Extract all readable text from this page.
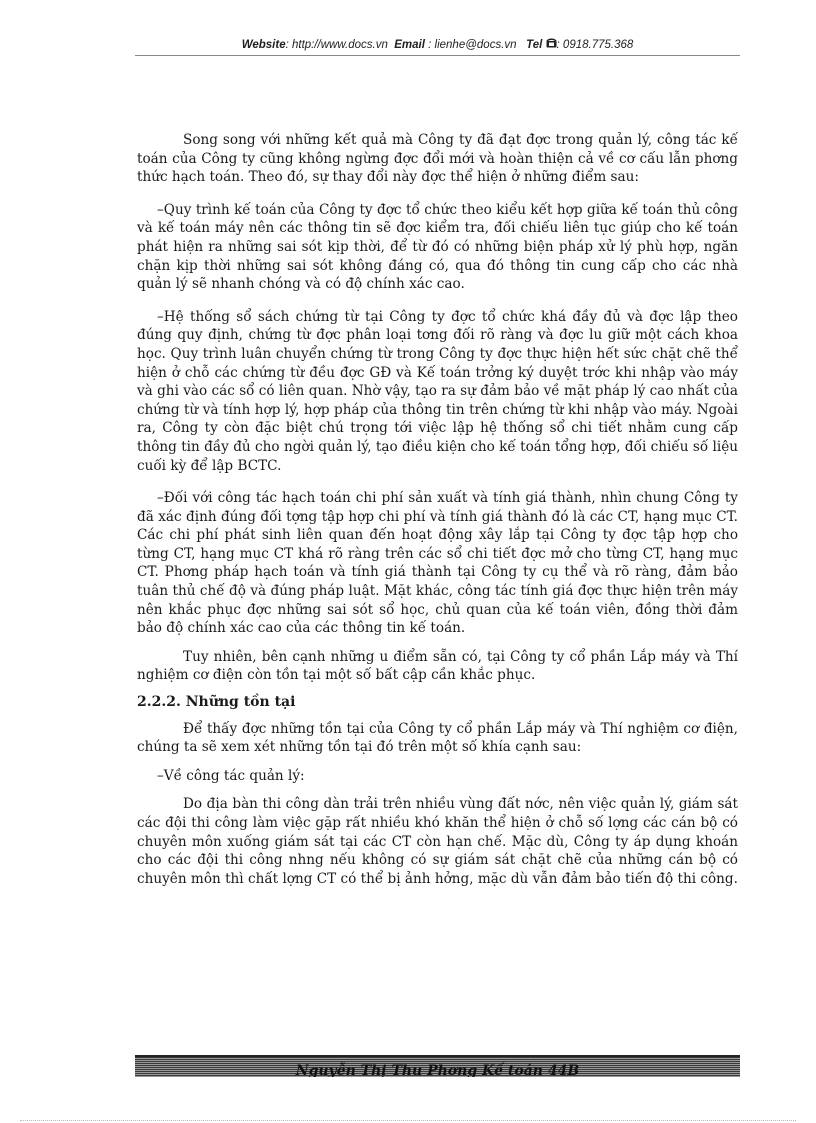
Website: http://www.docs.vn Email : lienhe@docs.vn Tel : 0918.775.368

Song song với những kết quả mà Công ty đã đạt đợc trong quản lý, công tác kế toán của Công ty cũng không ngừng đợc đổi mới và hoàn thiện cả về cơ cấu lẫn phơng thức hạch toán. Theo đó, sự thay đổi này đợc thể hiện ở những điểm sau:

–Quy trình kế toán của Công ty đợc tổ chức theo kiểu kết hợp giữa kế toán thủ công và kế toán máy nên các thông tin sẽ đợc kiểm tra, đối chiếu liên tục giúp cho kế toán phát hiện ra những sai sót kịp thời, để từ đó có những biện pháp xử lý phù hợp, ngăn chặn kịp thời những sai sót không đáng có, qua đó thông tin cung cấp cho các nhà quản lý sẽ nhanh chóng và có độ chính xác cao.

–Hệ thống sổ sách chứng từ tại Công ty đợc tổ chức khá đầy đủ và đợc lập theo đúng quy định, chứng từ đợc phân loại tơng đối rõ ràng và đợc lu giữ một cách khoa học. Quy trình luân chuyển chứng từ trong Công ty đợc thực hiện hết sức chặt chẽ thể hiện ở chỗ các chứng từ đều đợc GĐ và Kế toán trởng ký duyệt trớc khi nhập vào máy và ghi vào các sổ có liên quan. Nhờ vậy, tạo ra sự đảm bảo về mặt pháp lý cao nhất của chứng từ và tính hợp lý, hợp pháp của thông tin trên chứng từ khi nhập vào máy. Ngoài ra, Công ty còn đặc biệt chú trọng tới việc lập hệ thống sổ chi tiết nhằm cung cấp thông tin đầy đủ cho ngời quản lý, tạo điều kiện cho kế toán tổng hợp, đối chiếu số liệu cuối kỳ để lập BCTC.

–Đối với công tác hạch toán chi phí sản xuất và tính giá thành, nhìn chung Công ty đã xác định đúng đối tợng tập hợp chi phí và tính giá thành đó là các CT, hạng mục CT. Các chi phí phát sinh liên quan đến hoạt động xây lắp tại Công ty đợc tập hợp cho từng CT, hạng mục CT khá rõ ràng trên các sổ chi tiết đợc mở cho từng CT, hạng mục CT. Phơng pháp hạch toán và tính giá thành tại Công ty cụ thể và rõ ràng, đảm bảo tuân thủ chế độ và đúng pháp luật. Mặt khác, công tác tính giá đợc thực hiện trên máy nên khắc phục đợc những sai sót sổ học, chủ quan của kế toán viên, đồng thời đảm bảo độ chính xác cao của các thông tin kế toán.

Tuy nhiên, bên cạnh những u điểm sẵn có, tại Công ty cổ phần Lắp máy và Thí nghiệm cơ điện còn tồn tại một số bất cập cần khắc phục.

2.2.2. Những tồn tại

Để thấy đợc những tồn tại của Công ty cổ phần Lắp máy và Thí nghiệm cơ điện, chúng ta sẽ xem xét những tồn tại đó trên một số khía cạnh sau:

–Về công tác quản lý:

Do địa bàn thi công dàn trải trên nhiều vùng đất nớc, nên việc quản lý, giám sát các đội thi công làm việc gặp rất nhiều khó khăn thể hiện ở chỗ số lợng các cán bộ có chuyên môn xuống giám sát tại các CT còn hạn chế. Mặc dù, Công ty áp dụng khoán cho các đội thi công nhng nếu không có sự giám sát chặt chẽ của những cán bộ có chuyên môn thì chất lợng CT có thể bị ảnh hởng, mặc dù vẫn đảm bảo tiến độ thi công.

Nguyễn Thị Thu Phơng Kế toán 44B
